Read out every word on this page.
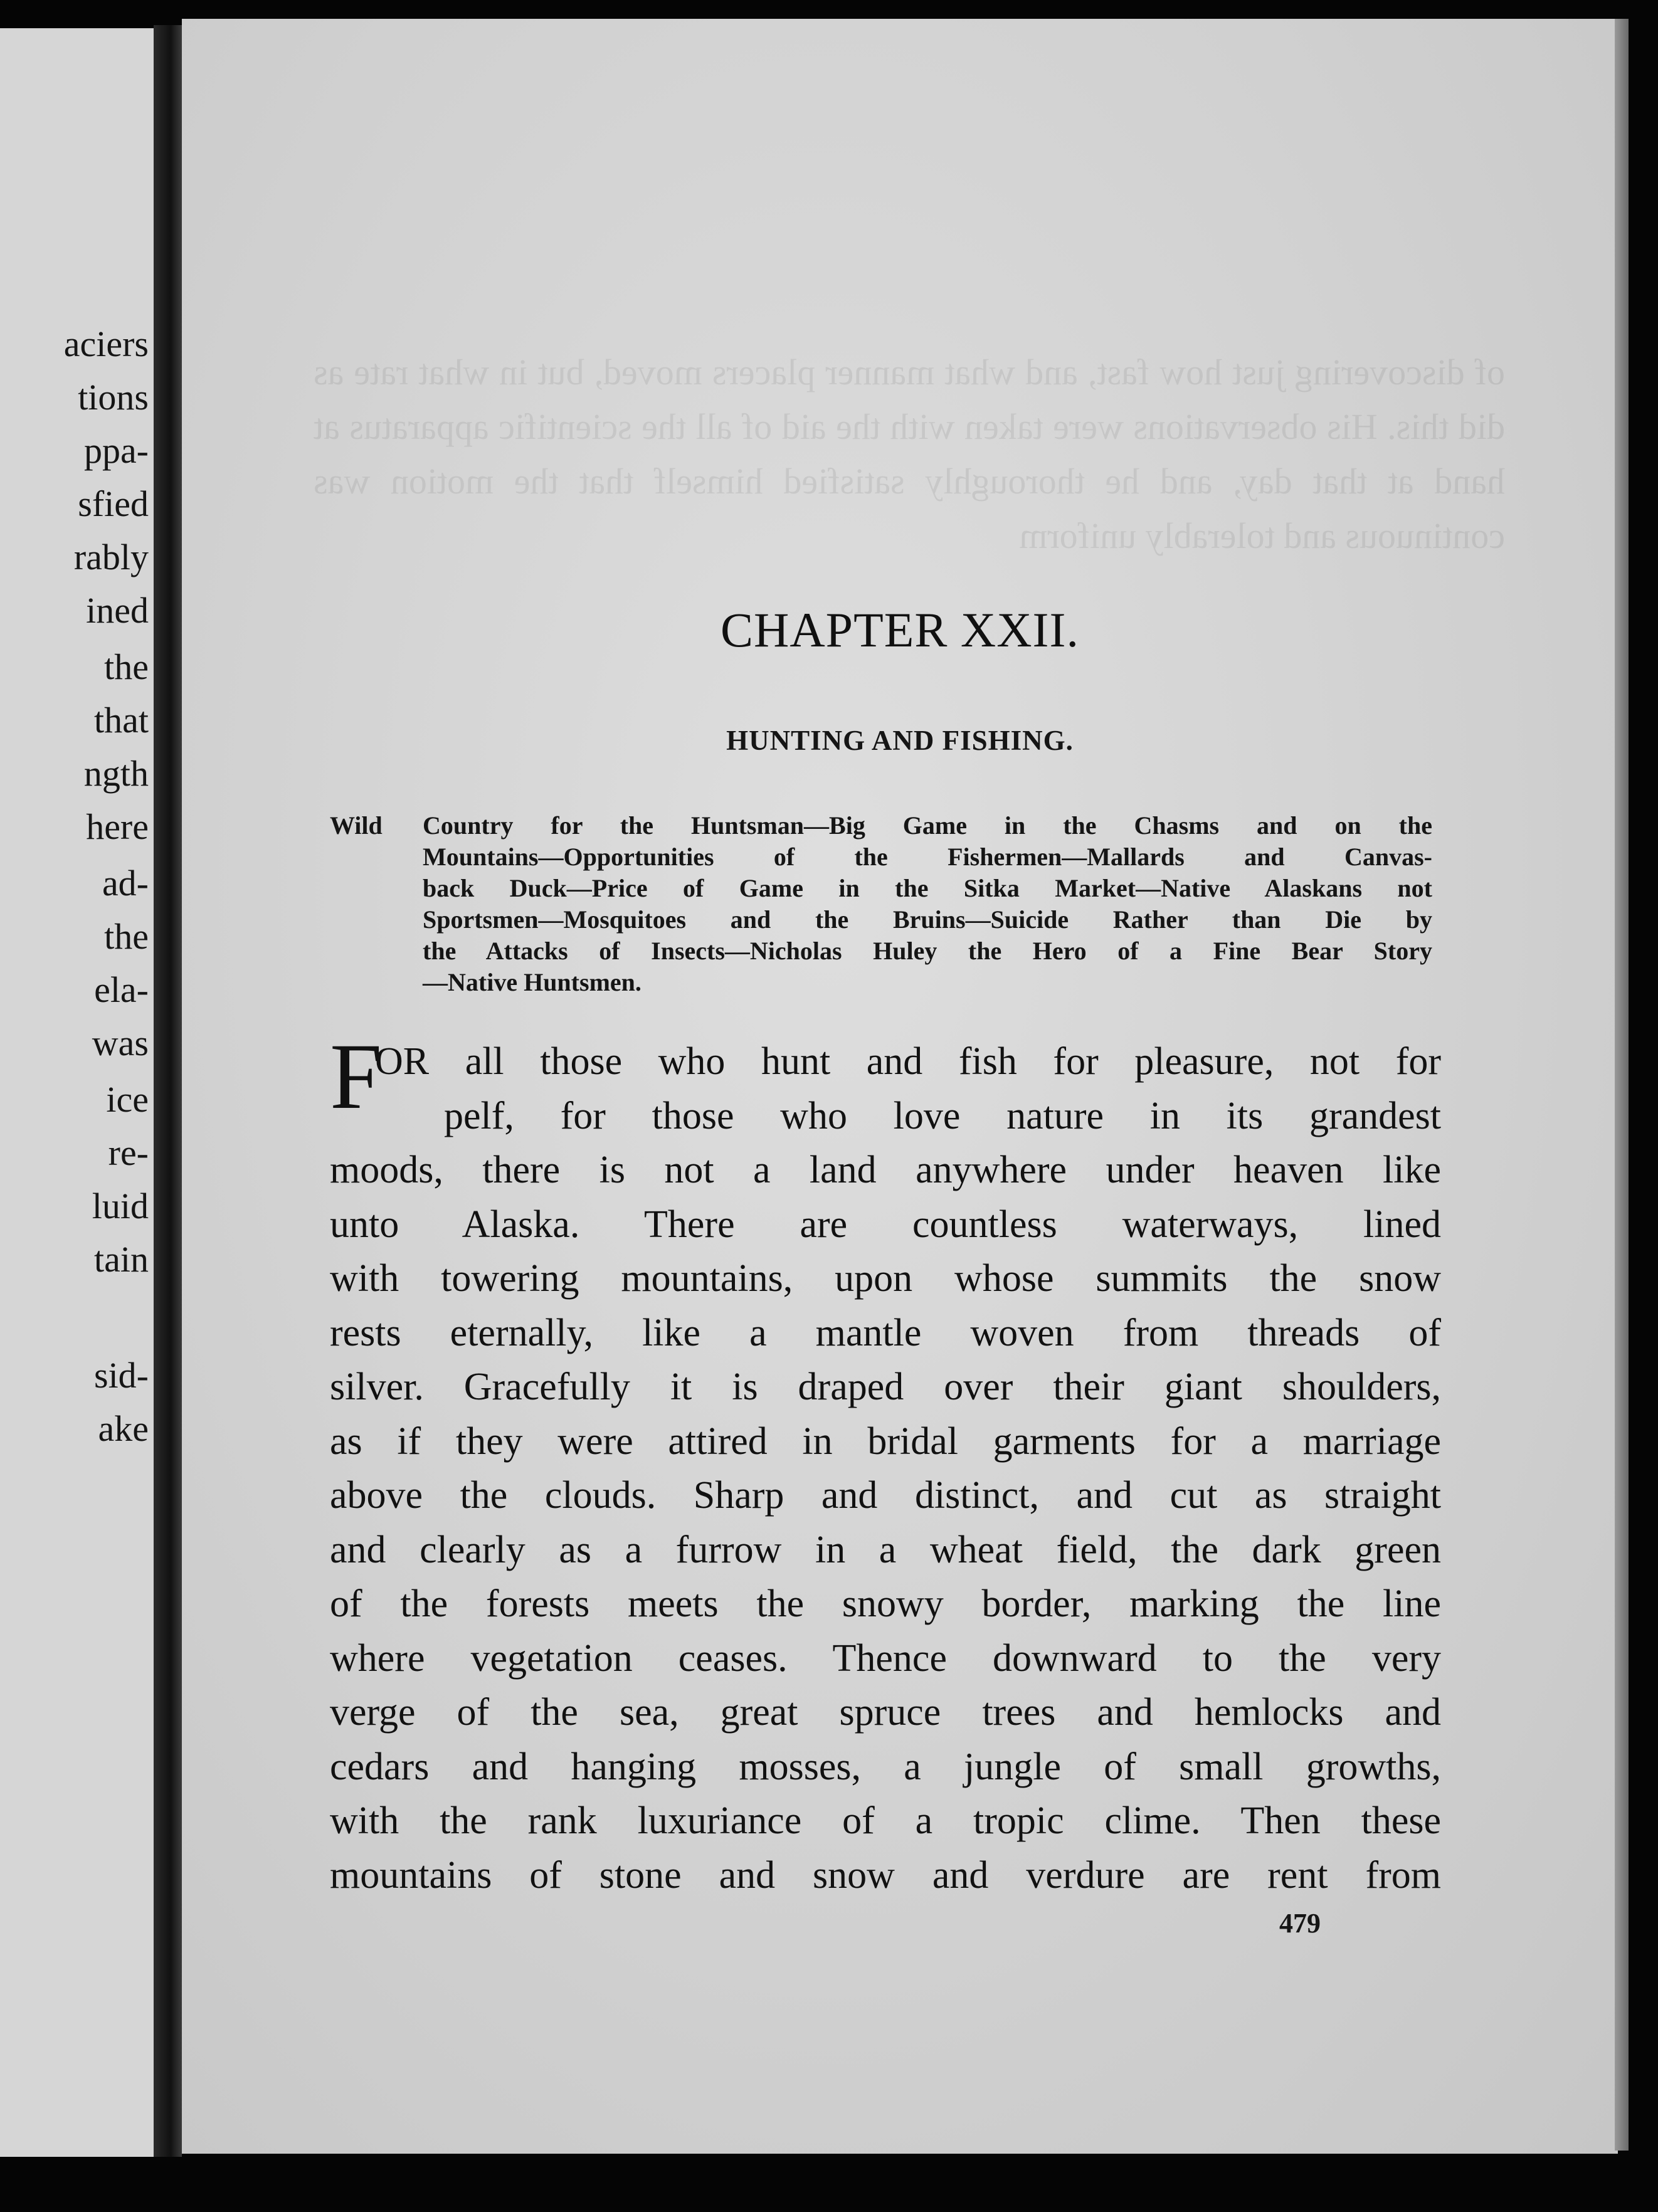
aciers
tions
ppa-
sfied
rably
ined
the
that
ngth
here
ad-
the
ela-
was
ice
re-
luid
tain
sid-
ake
of discovering just how fast, and what manner placers moved, but in what rate as did this. His observations were taken with the aid of all the scientific apparatus at hand at that day, and he thoroughly satisfied himself that the motion was continuous and tolerably uniform
CHAPTER XXII.
HUNTING AND FISHING.
Wild	Country for the Huntsman—Big Game in the Chasms and on the
Mountains—Opportunities of the Fishermen—Mallards and Canvas-
back Duck—Price of Game in the Sitka Market—Native Alaskans not
Sportsmen—Mosquitoes and the Bruins—Suicide Rather than Die by
the Attacks of Insects—Nicholas Huley the Hero of a Fine Bear Story
—Native Huntsmen.
F
OR all those who hunt and fish for pleasure, not for
pelf, for those who love nature in its grandest
moods, there is not a land anywhere under heaven like
unto Alaska. There are countless waterways, lined
with towering mountains, upon whose summits the snow
rests eternally, like a mantle woven from threads of
silver. Gracefully it is draped over their giant shoulders,
as if they were attired in bridal garments for a marriage
above the clouds. Sharp and distinct, and cut as straight
and clearly as a furrow in a wheat field, the dark green
of the forests meets the snowy border, marking the line
where vegetation ceases. Thence downward to the very
verge of the sea, great spruce trees and hemlocks and
cedars and hanging mosses, a jungle of small growths,
with the rank luxuriance of a tropic clime. Then these
mountains of stone and snow and verdure are rent from
479
